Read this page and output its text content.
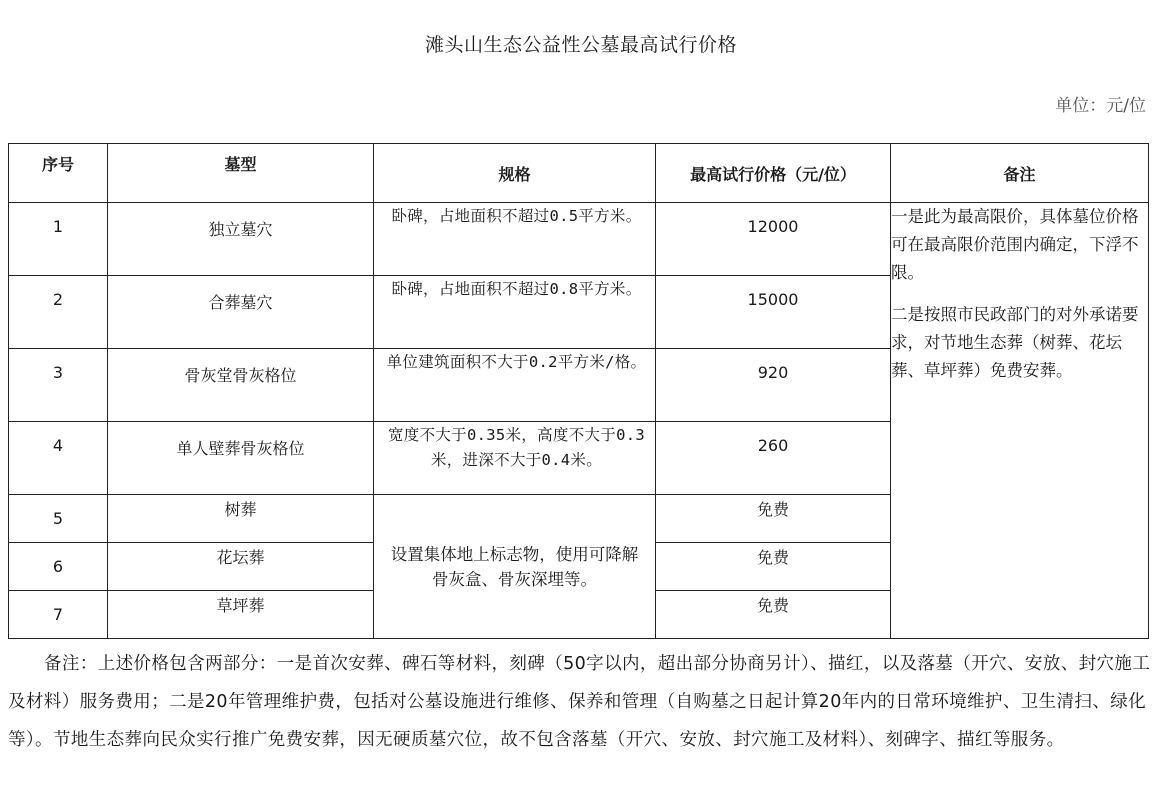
滩头山生态公益性公墓最高试行价格
单位：元/位
序号	墓型	规格	最高试行价格（元/位）	备注

1	独立墓穴	卧碑，占地面积不超过0.5平方米。	12000	一是此为最高限价，具体墓位价格可在最高限价范围内确定，下浮不限。

二是按照市民政部门的对外承诺要求，对节地生态葬（树葬、花坛葬、草坪葬）免费安葬。

2	合葬墓穴	卧碑，占地面积不超过0.8平方米。	15000	

3	骨灰堂骨灰格位	单位建筑面积不大于0.2平方米/格。	920	

4	单人壁葬骨灰格位	宽度不大于0.35米，高度不大于0.3米，进深不大于0.4米。	260	

5	树葬	设置集体地上标志物，使用可降解骨灰盒、骨灰深埋等。	免费	

6	花坛葬		免费	

7	草坪葬		免费	
备注：上述价格包含两部分：一是首次安葬、碑石等材料，刻碑（50字以内，超出部分协商另计）、描红，以及落墓（开穴、安放、封穴施工及材料）服务费用；二是20年管理维护费，包括对公墓设施进行维修、保养和管理（自购墓之日起计算20年内的日常环境维护、卫生清扫、绿化等）。节地生态葬向民众实行推广免费安葬，因无硬质墓穴位，故不包含落墓（开穴、安放、封穴施工及材料）、刻碑字、描红等服务。
